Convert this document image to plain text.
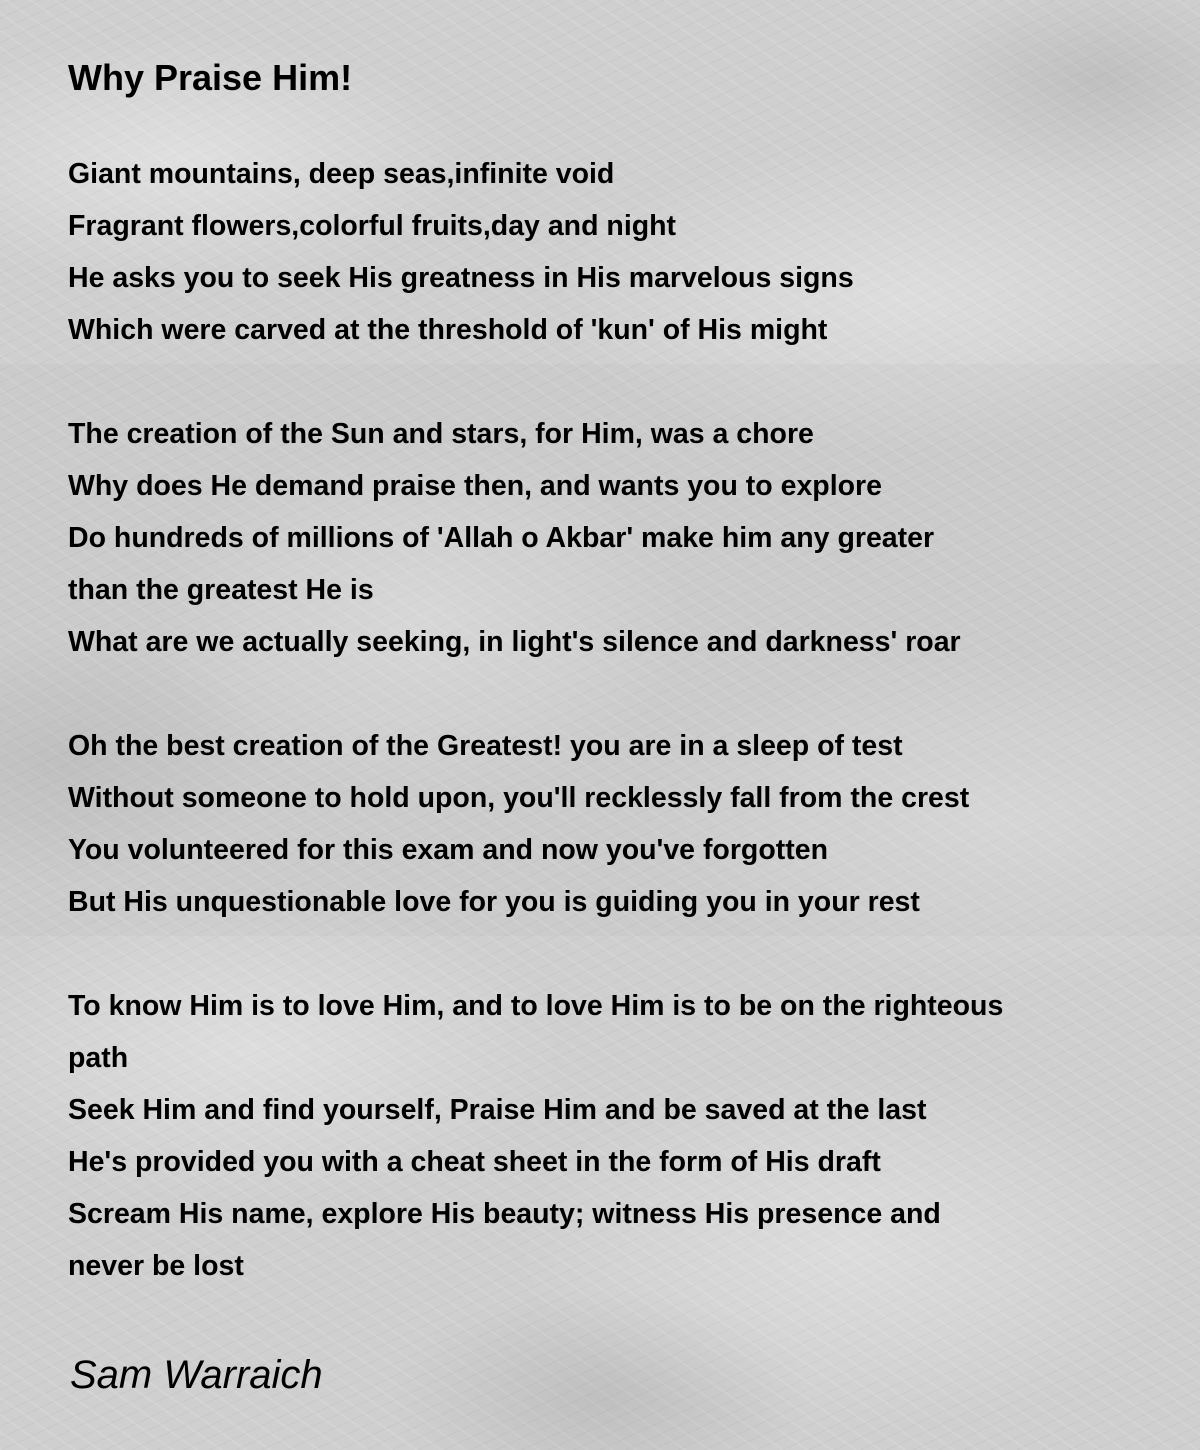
Why Praise Him!
Giant mountains, deep seas,infinite void
Fragrant flowers,colorful fruits,day and night
He asks you to seek His greatness in His marvelous signs
Which were carved at the threshold of 'kun' of His might
The creation of the Sun and stars, for Him, was a chore
Why does He demand praise then, and wants you to explore
Do hundreds of millions of 'Allah o Akbar' make him any greater
than the greatest He is
What are we actually seeking, in light's silence and darkness' roar
Oh the best creation of the Greatest! you are in a sleep of test
Without someone to hold upon, you'll recklessly fall from the crest
You volunteered for this exam and now you've forgotten
But His unquestionable love for you is guiding you in your rest
To know Him is to love Him, and to love Him is to be on the righteous
path
Seek Him and find yourself, Praise Him and be saved at the last
He's provided you with a cheat sheet in the form of His draft
Scream His name, explore His beauty; witness His presence and
never be lost

Sam Warraich
